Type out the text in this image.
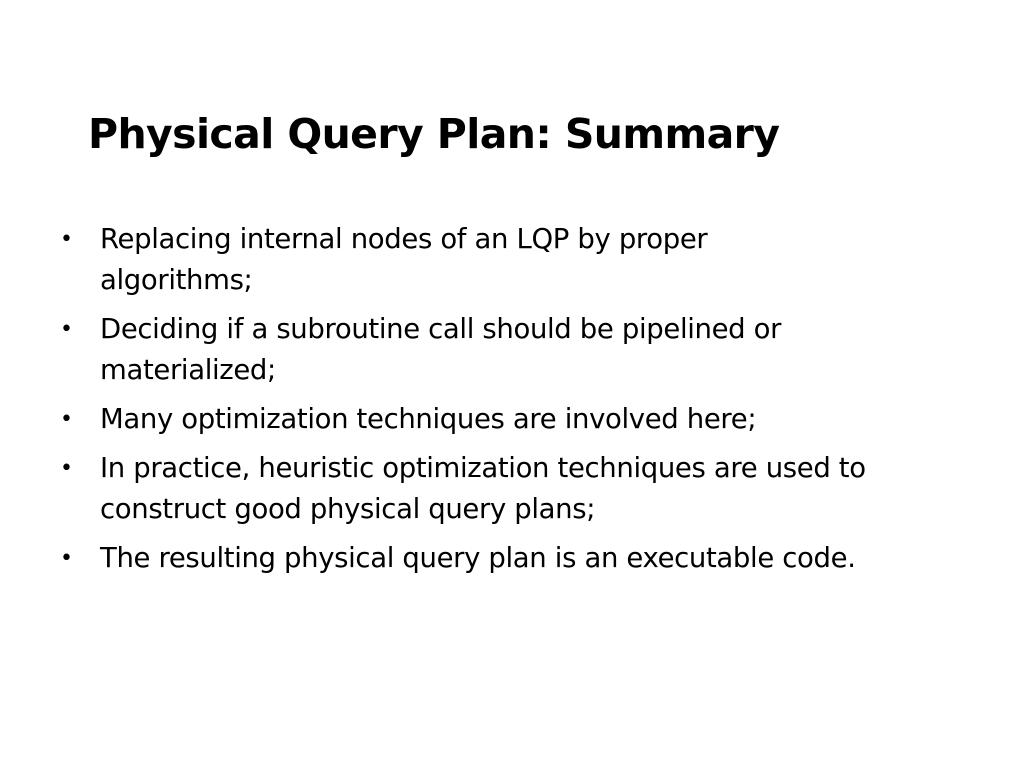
Physical Query Plan: Summary
• Replacing internal nodes of an LQP by proper
algorithms;
• Deciding if a subroutine call should be pipelined or
materialized;
• Many optimization techniques are involved here;
• In practice, heuristic optimization techniques are used to
construct good physical query plans;
• The resulting physical query plan is an executable code.
